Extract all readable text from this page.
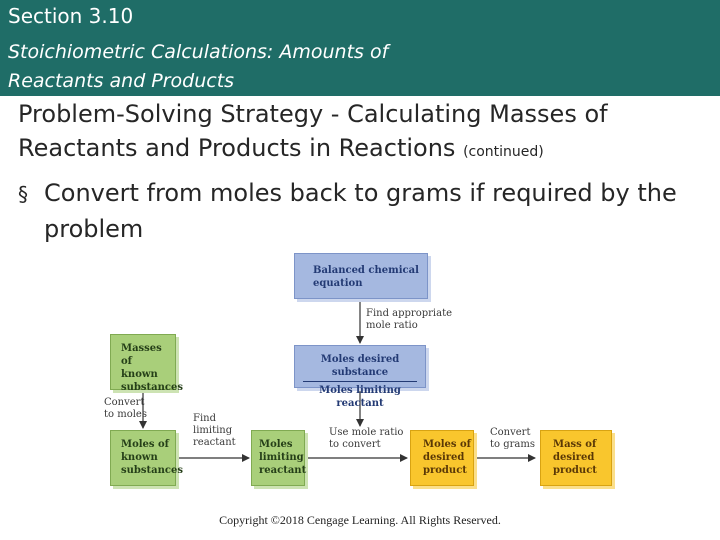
Section 3.10
Stoichiometric Calculations: Amounts of Reactants and Products
Problem-Solving Strategy - Calculating Masses of Reactants and Products in Reactions (continued)
§ Convert from moles back to grams if required by the problem
Balanced chemical
equation
Find appropriate
mole ratio
Moles desired substance
Moles limiting reactant
Masses of
known
substances
Convert
to moles
Moles of
known
substances
Find
limiting
reactant Moles
limiting
reactant
Use mole ratio
to convert	Moles of
desired
product
Convert
to grams Mass of
desired
product
Copyright ©2018 Cengage Learning. All Rights Reserved.
